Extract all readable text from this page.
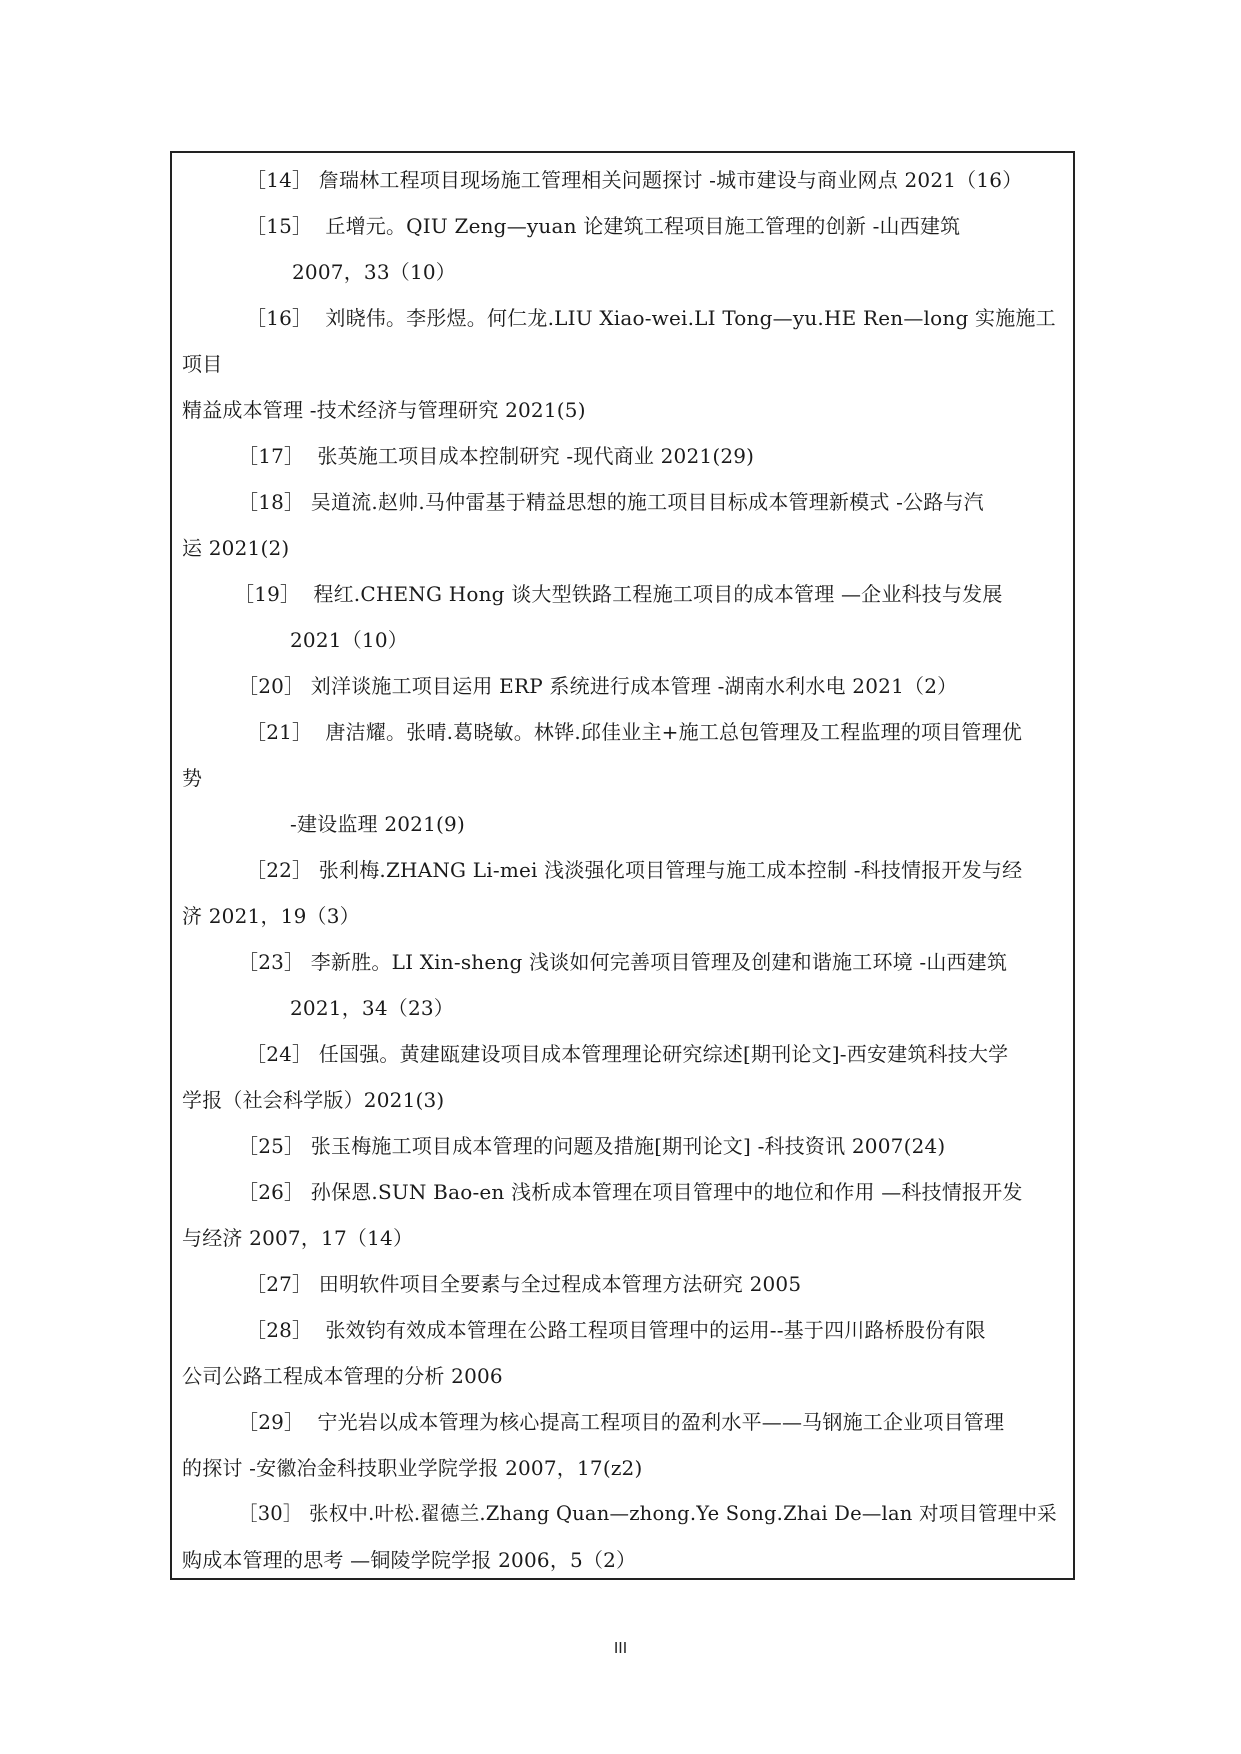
［14］ 詹瑞林工程项目现场施工管理相关问题探讨 -城市建设与商业网点 2021（16）
［15］  丘增元。QIU Zeng—yuan 论建筑工程项目施工管理的创新 -山西建筑
2007，33（10）
［16］  刘晓伟。李彤煜。何仁龙.LIU Xiao-wei.LI Tong—yu.HE Ren—long 实施施工
项目
精益成本管理 -技术经济与管理研究 2021(5)
［17］  张英施工项目成本控制研究 -现代商业 2021(29)
［18］ 吴道流.赵帅.马仲雷基于精益思想的施工项目目标成本管理新模式 -公路与汽
运 2021(2)
［19］  程红.CHENG Hong 谈大型铁路工程施工项目的成本管理 —企业科技与发展
2021（10）
［20］ 刘洋谈施工项目运用 ERP 系统进行成本管理 -湖南水利水电 2021（2）
［21］  唐洁耀。张晴.葛晓敏。林铧.邱佳业主+施工总包管理及工程监理的项目管理优
势
-建设监理 2021(9)
［22］ 张利梅.ZHANG Li-mei 浅淡强化项目管理与施工成本控制 -科技情报开发与经
济 2021，19（3）
［23］ 李新胜。LI Xin-sheng 浅谈如何完善项目管理及创建和谐施工环境 -山西建筑
2021，34（23）
［24］ 任国强。黄建瓯建设项目成本管理理论研究综述[期刊论文]-西安建筑科技大学
学报（社会科学版）2021(3)
［25］ 张玉梅施工项目成本管理的问题及措施[期刊论文] -科技资讯 2007(24)
［26］ 孙保恩.SUN Bao-en 浅析成本管理在项目管理中的地位和作用 —科技情报开发
与经济 2007，17（14）
［27］ 田明软件项目全要素与全过程成本管理方法研究 2005
［28］  张效钧有效成本管理在公路工程项目管理中的运用--基于四川路桥股份有限
公司公路工程成本管理的分析 2006
［29］  宁光岩以成本管理为核心提高工程项目的盈利水平——马钢施工企业项目管理
的探讨 -安徽冶金科技职业学院学报 2007，17(z2)
［30］ 张权中.叶松.翟德兰.Zhang Quan—zhong.Ye Song.Zhai De—lan 对项目管理中采
购成本管理的思考 —铜陵学院学报 2006，5（2）
III
